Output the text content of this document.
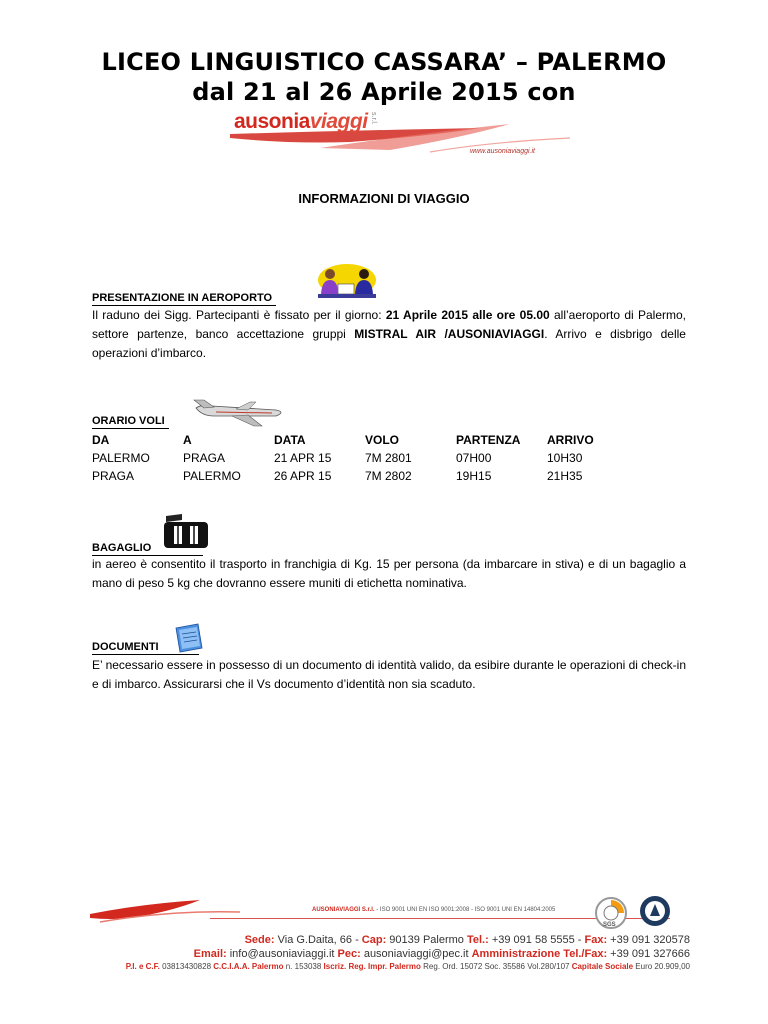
LICEO LINGUISTICO CASSARA’ – PALERMO
dal 21 al 26 Aprile 2015 con
ausoniaviaggi s.r.l.
www.ausoniaviaggi.it
INFORMAZIONI DI VIAGGIO
PRESENTAZIONE IN AEROPORTO
Il raduno dei Sigg. Partecipanti è fissato per il giorno: 21 Aprile 2015 alle ore 05.00 all’aeroporto di Palermo, settore partenze, banco accettazione gruppi MISTRAL AIR /AUSONIAVIAGGI. Arrivo e disbrigo delle operazioni d’imbarco.
ORARIO VOLI
DA	A	DATA	VOLO	PARTENZA	ARRIVO
PALERMO	PRAGA	21 APR 15	7M 2801	07H00	10H30
PRAGA	PALERMO	26 APR 15	7M 2802	19H15	21H35
BAGAGLIO
in aereo è consentito il trasporto in franchigia di Kg. 15 per persona (da imbarcare in stiva) e di un bagaglio a mano di peso 5 kg che dovranno essere muniti di etichetta nominativa.
DOCUMENTI
E’ necessario essere in possesso di un documento di identità valido, da esibire durante le operazioni di check-in e di imbarco. Assicurarsi che il Vs documento d’identità non sia scaduto.
AUSONIAVIAGGI S.r.l. - ISO 9001 UNI EN ISO 9001:2008 - ISO 9001 UNI EN 14804:2005
SGS
Sede: Via G.Daita, 66 - Cap: 90139 Palermo Tel.: +39 091 58 5555 - Fax: +39 091 320578
Email: info@ausoniaviaggi.it Pec: ausoniaviaggi@pec.it Amministrazione Tel./Fax: +39 091 327666
P.I. e C.F. 03813430828 C.C.I.A.A. Palermo n. 153038 Iscriz. Reg. Impr. Palermo Reg. Ord. 15072 Soc. 35586 Vol.280/107 Capitale Sociale Euro 20.909,00
